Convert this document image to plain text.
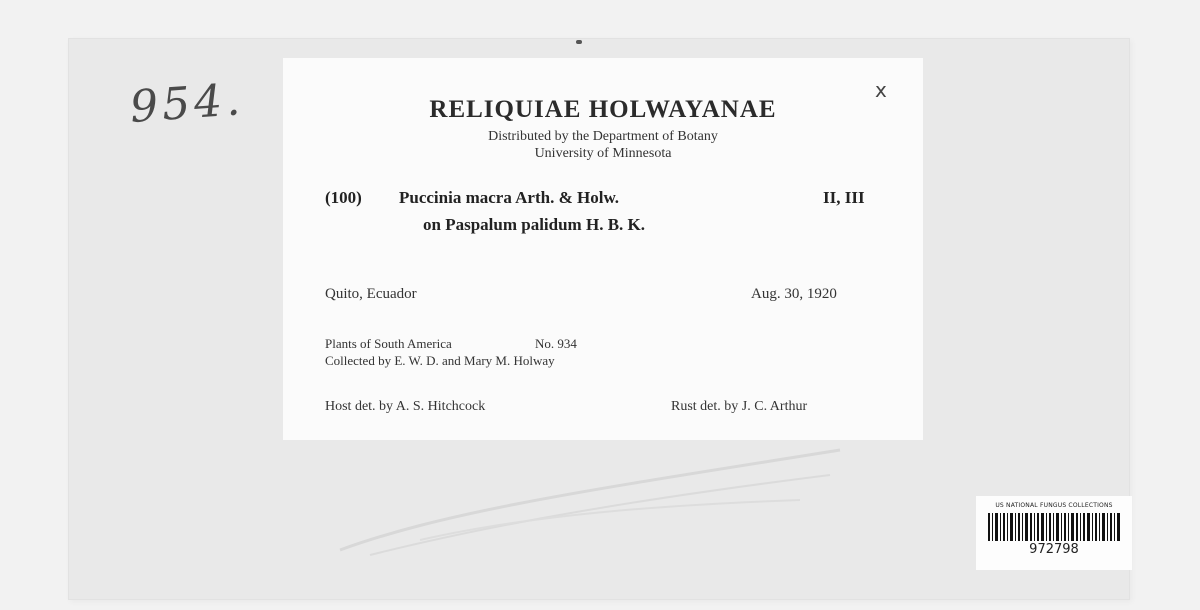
954.	x
RELIQUIAE HOLWAYANAE
Distributed by the Department of Botany
University of Minnesota
(100) Puccinia macra Arth. & Holw.	II, III
on Paspalum palidum H. B. K.
Quito, Ecuador	Aug. 30, 1920
Plants of South America	No. 934
Collected by E. W. D. and Mary M. Holway
Host det. by A. S. Hitchcock	Rust det. by J. C. Arthur
US NATIONAL FUNGUS COLLECTIONS
972798
